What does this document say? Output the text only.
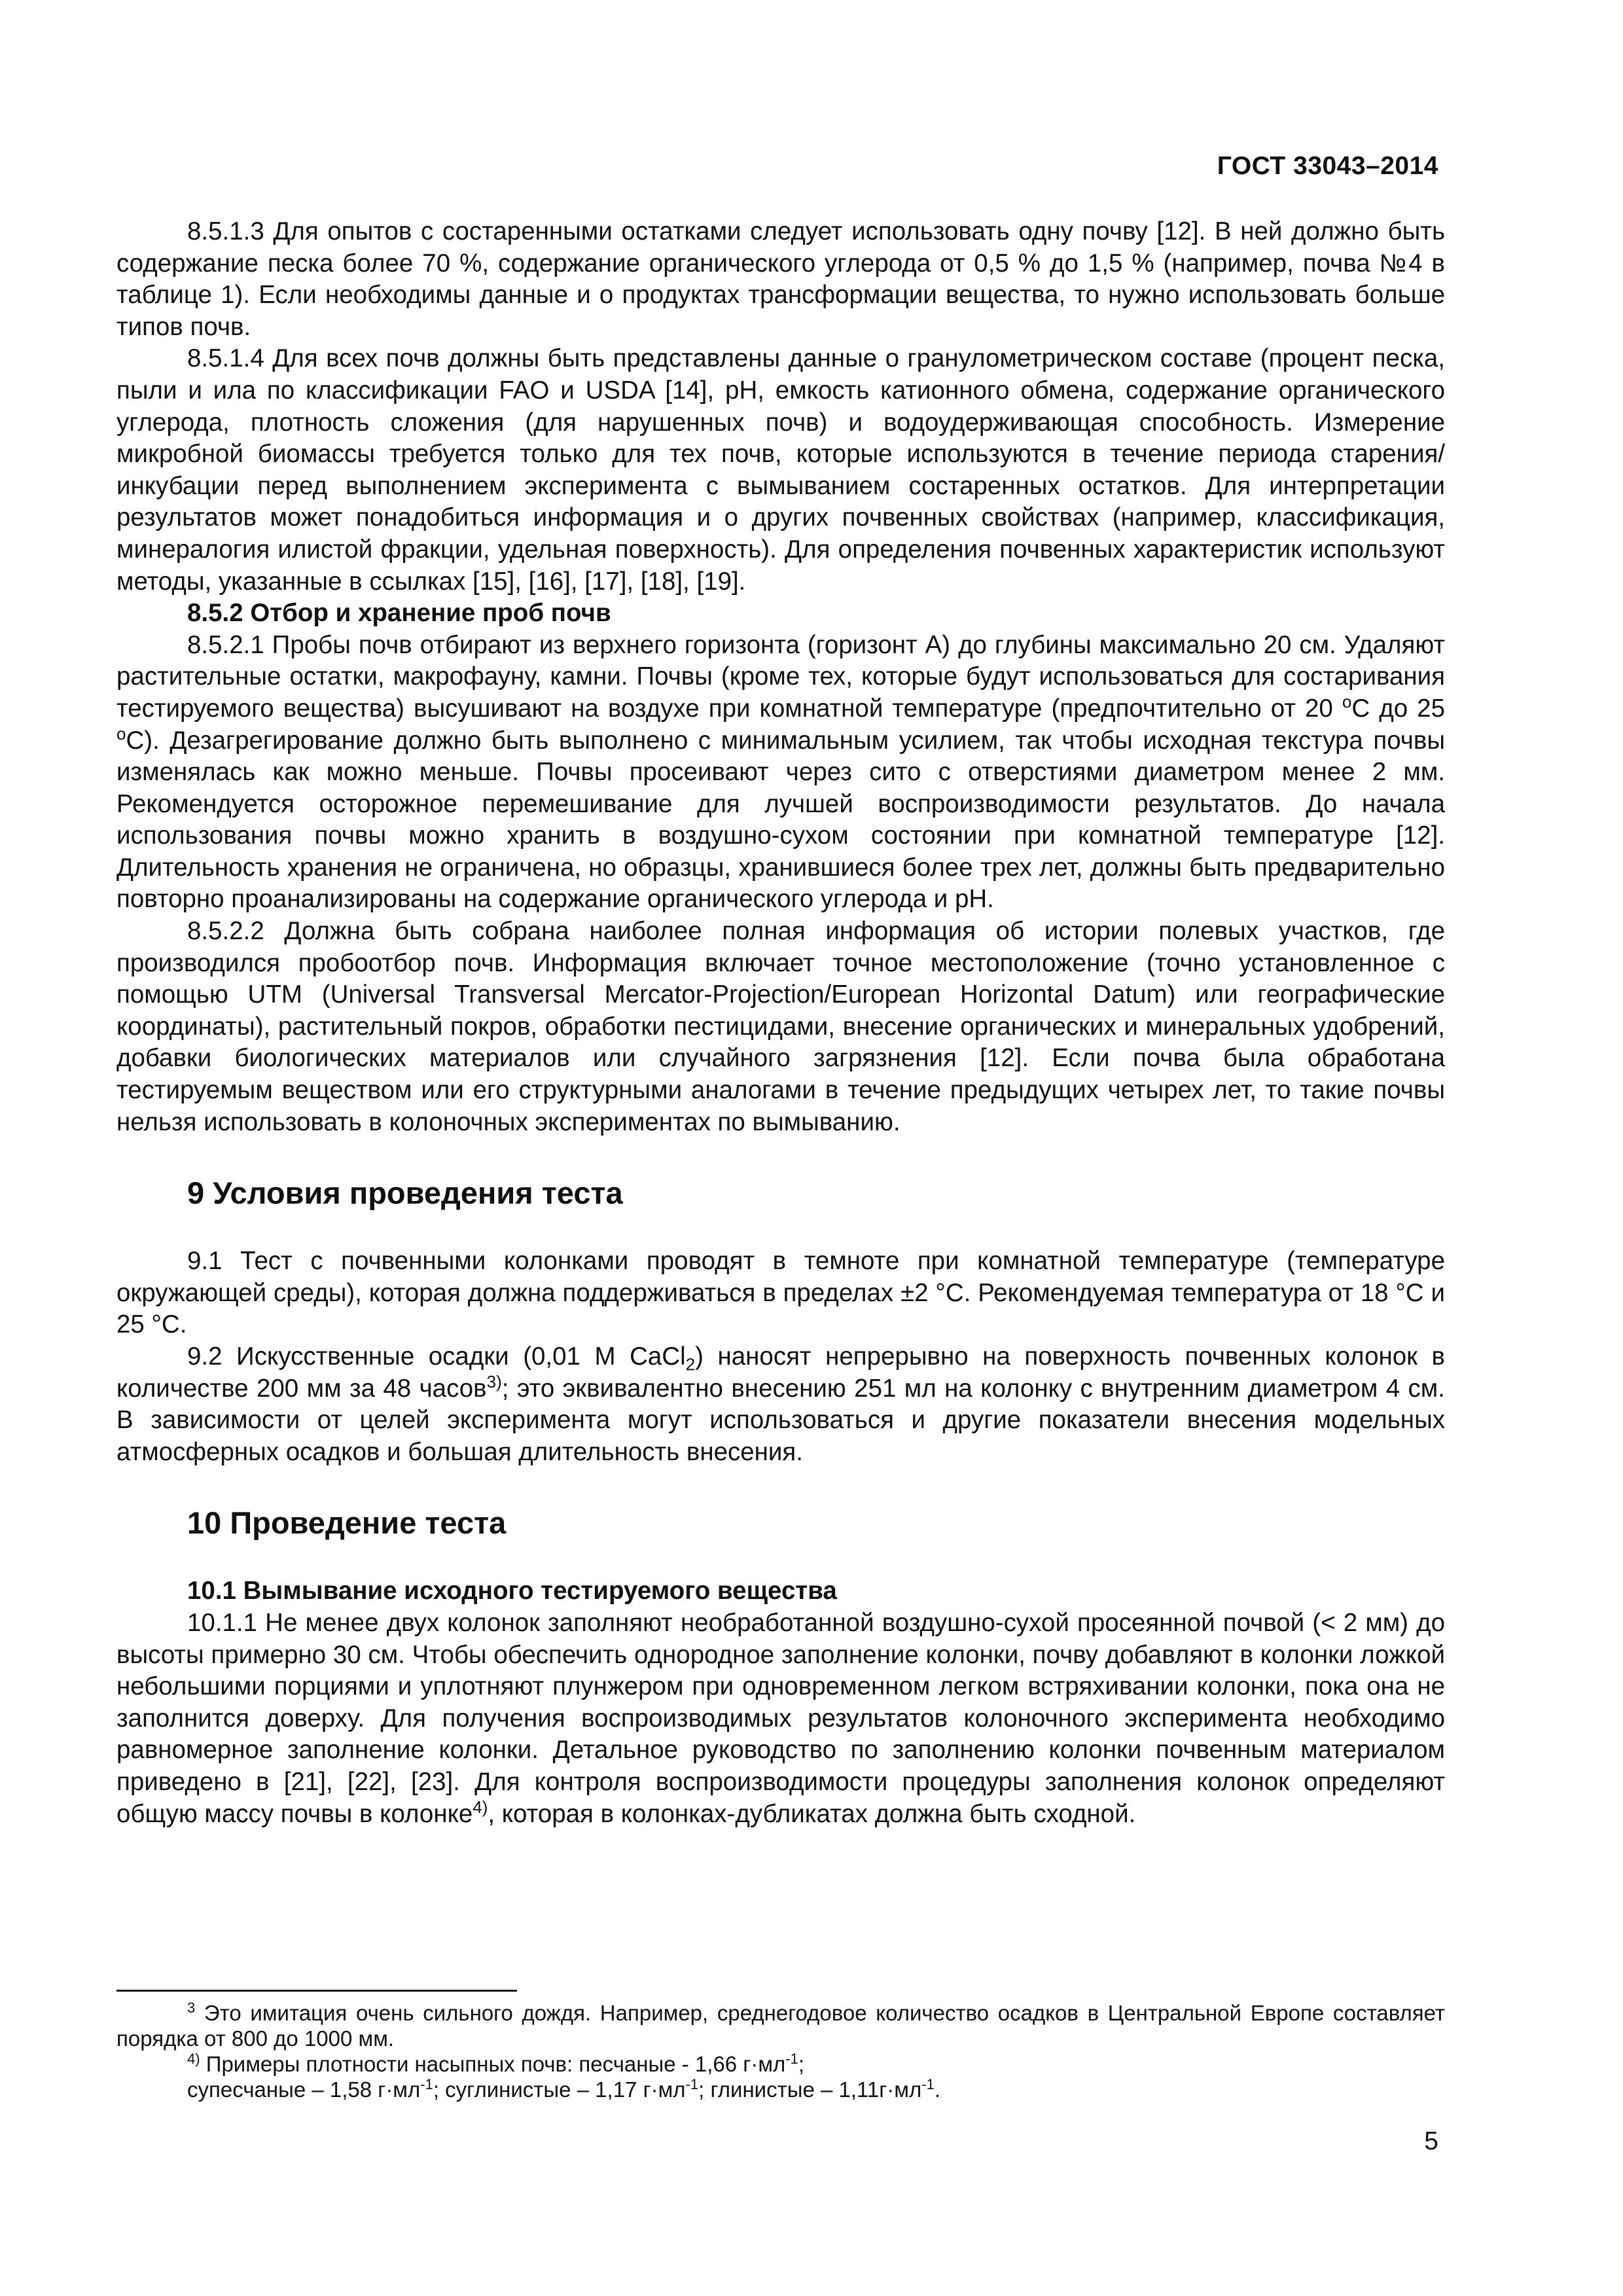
ГОСТ 33043–2014

8.5.1.3 Для опытов с состаренными остатками следует использовать одну почву [12]. В ней должно быть содержание песка более 70 %, содержание органического углерода от 0,5 % до 1,5 % (например, почва №4 в таблице 1). Если необходимы данные и о продуктах трансформации вещества, то нужно использовать больше типов почв.

8.5.1.4 Для всех почв должны быть представлены данные о гранулометрическом составе (процент песка, пыли и ила по классификации FAO и USDA [14], pH, емкость катионного обмена, содержание органического углерода, плотность сложения (для нарушенных почв) и водоудерживающая способность. Измерение микробной биомассы требуется только для тех почв, которые используются в течение периода старения/инкубации перед выполнением эксперимента с вымыванием состаренных остатков. Для интерпретации результатов может понадобиться информация и о других почвенных свойствах (например, классификация, минералогия илистой фракции, удельная поверхность). Для определения почвенных характеристик используют методы, указанные в ссылках [15], [16], [17], [18], [19].

8.5.2 Отбор и хранение проб почв

8.5.2.1 Пробы почв отбирают из верхнего горизонта (горизонт А) до глубины максимально 20 см. Удаляют растительные остатки, макрофауну, камни. Почвы (кроме тех, которые будут использоваться для состаривания тестируемого вещества) высушивают на воздухе при комнатной температуре (предпочтительно от 20 $^o$С до 25 $^o$С). Дезагрегирование должно быть выполнено с минимальным усилием, так чтобы исходная текстура почвы изменялась как можно меньше. Почвы просеивают через сито с отверстиями диаметром менее 2 мм. Рекомендуется осторожное перемешивание для лучшей воспроизводимости результатов. До начала использования почвы можно хранить в воздушно-сухом состоянии при комнатной температуре [12]. Длительность хранения не ограничена, но образцы, хранившиеся более трех лет, должны быть предварительно повторно проанализированы на содержание органического углерода и рН.

8.5.2.2 Должна быть собрана наиболее полная информация об истории полевых участков, где производился пробоотбор почв. Информация включает точное местоположение (точно установленное с помощью UTM (Universal Transversal Mercator-Projection/European Horizontal Datum) или географические координаты), растительный покров, обработки пестицидами, внесение органических и минеральных удобрений, добавки биологических материалов или случайного загрязнения [12]. Если почва была обработана тестируемым веществом или его структурными аналогами в течение предыдущих четырех лет, то такие почвы нельзя использовать в колоночных экспериментах по вымыванию.

9 Условия проведения теста

9.1 Тест с почвенными колонками проводят в темноте при комнатной температуре (температуре окружающей среды), которая должна поддерживаться в пределах ±2 °С. Рекомендуемая температура от 18 °С и 25 °С.

9.2 Искусственные осадки (0,01 М CaCl$_2$) наносят непрерывно на поверхность почвенных колонок в количестве 200 мм за 48 часов$^{3)}$; это эквивалентно внесению 251 мл на колонку с внутренним диаметром 4 см. В зависимости от целей эксперимента могут использоваться и другие показатели внесения модельных атмосферных осадков и большая длительность внесения.

10 Проведение теста
10.1 Вымывание исходного тестируемого вещества

10.1.1 Не менее двух колонок заполняют необработанной воздушно-сухой просеянной почвой (< 2 мм) до высоты примерно 30 см. Чтобы обеспечить однородное заполнение колонки, почву добавляют в колонки ложкой небольшими порциями и уплотняют плунжером при одновременном легком встряхивании колонки, пока она не заполнится доверху. Для получения воспроизводимых результатов колоночного эксперимента необходимо равномерное заполнение колонки. Детальное руководство по заполнению колонки почвенным материалом приведено в [21], [22], [23]. Для контроля воспроизводимости процедуры заполнения колонок определяют общую массу почвы в колонке$^{4)}$, которая в колонках-дубликатах должна быть сходной.

$^3$ Это имитация очень сильного дождя. Например, среднегодовое количество осадков в Центральной Европе составляет порядка от 800 до 1000 мм.

$^{4)}$ Примеры плотности насыпных почв: песчаные - 1,66 $г\cdot мл^{-1}$;

супесчаные – 1,58 $г\cdot мл^{-1}$; суглинистые – 1,17 $г\cdot мл^{-1}$; глинистые – $1,11г\cdot мл^{-1}$.

5
